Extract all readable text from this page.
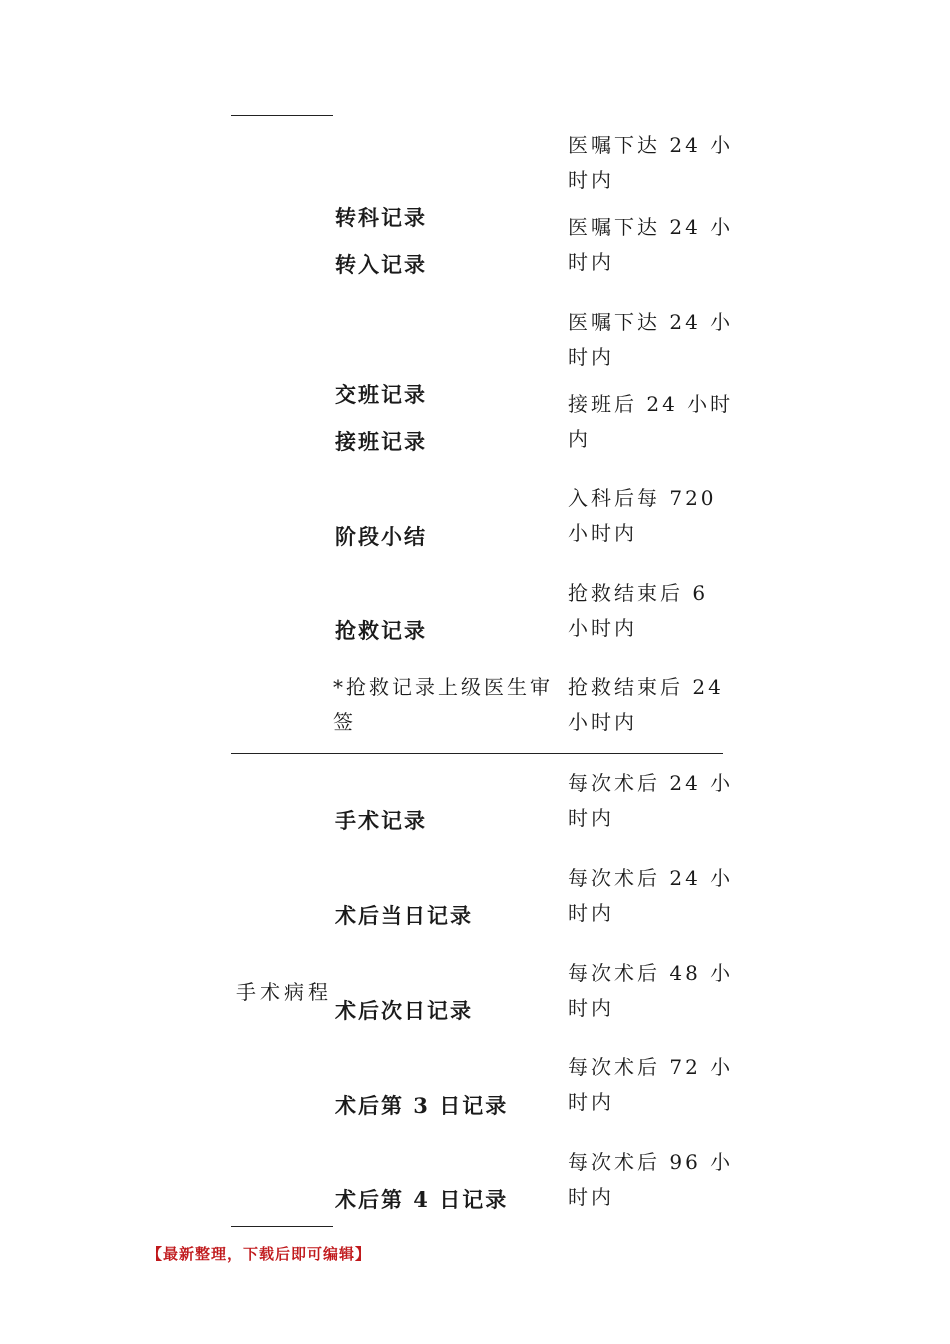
转科记录
转入记录
交班记录
接班记录
阶段小结
抢救记录
医嘱下达 24 小
时内
医嘱下达 24 小
时内
医嘱下达 24 小
时内
接班后 24 小时
内
入科后每 720
小时内
抢救结束后 6
小时内
*抢救记录上级医生审
签
抢救结束后 24
小时内
手术病程
手术记录
每次术后 24 小
时内
术后当日记录
每次术后 24 小
时内
术后次日记录
每次术后 48 小
时内
术后第 3 日记录
每次术后 72 小
时内
术后第 4 日记录
每次术后 96 小
时内
【最新整理，下载后即可编辑】
